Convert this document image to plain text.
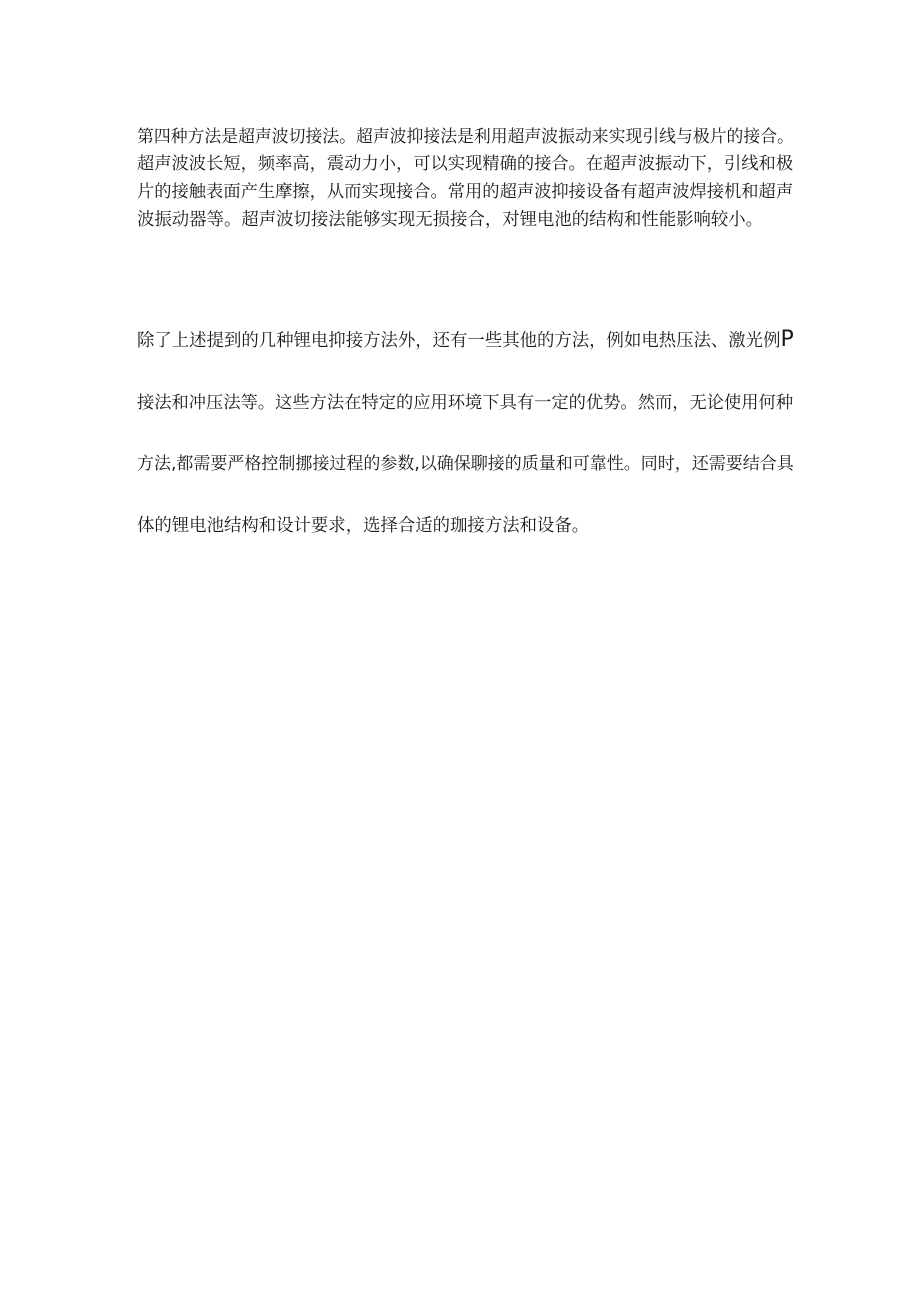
第四种方法是超声波切接法。超声波抑接法是利用超声波振动来实现引线与极片的接合。
超声波波长短，频率高，震动力小，可以实现精确的接合。在超声波振动下，引线和极
片的接触表面产生摩擦，从而实现接合。常用的超声波抑接设备有超声波焊接机和超声
波振动器等。超声波切接法能够实现无损接合，对锂电池的结构和性能影响较小。

除了上述提到的几种锂电抑接方法外，还有一些其他的方法，例如电热压法、激光例P
接法和冲压法等。这些方法在特定的应用环境下具有一定的优势。然而，无论使用何种
方法,都需要严格控制挪接过程的参数,以确保聊接的质量和可靠性。同时，还需要结合具
体的锂电池结构和设计要求，选择合适的珈接方法和设备。
